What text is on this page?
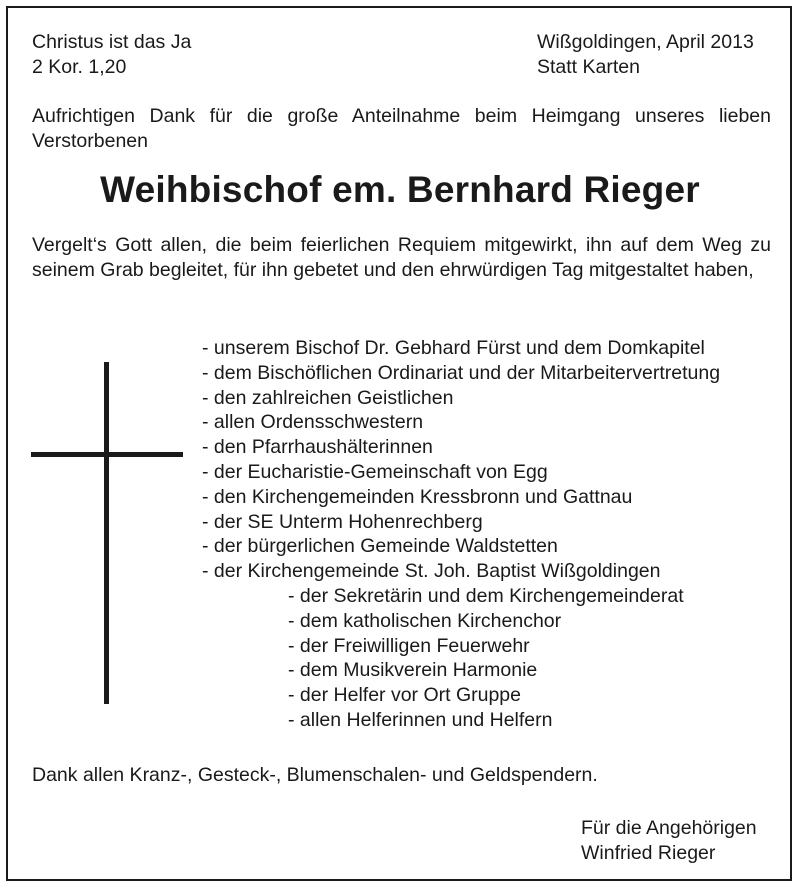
Christus ist das Ja
2 Kor. 1,20
Wißgoldingen, April 2013
Statt Karten
Aufrichtigen Dank für die große Anteilnahme beim Heimgang unseres lieben Verstorbenen
Weihbischof em. Bernhard Rieger
Vergelt‘s Gott allen, die beim feierlichen Requiem mitgewirkt, ihn auf dem Weg zu seinem Grab begleitet, für ihn gebetet und den ehrwürdigen Tag mitgestaltet haben,
- unserem Bischof Dr. Gebhard Fürst und dem Domkapitel
- dem Bischöflichen Ordinariat und der Mitarbeitervertretung
- den zahlreichen Geistlichen
- allen Ordensschwestern
- den Pfarrhaushälterinnen
- der Eucharistie-Gemeinschaft von Egg
- den Kirchengemeinden Kressbronn und Gattnau
- der SE Unterm Hohenrechberg
- der bürgerlichen Gemeinde Waldstetten
- der Kirchengemeinde St. Joh. Baptist Wißgoldingen
- der Sekretärin und dem Kirchengemeinderat
- dem katholischen Kirchenchor
- der Freiwilligen Feuerwehr
- dem Musikverein Harmonie
- der Helfer vor Ort Gruppe
- allen Helferinnen und Helfern
Dank allen Kranz-, Gesteck-, Blumenschalen- und Geldspendern.
Für die Angehörigen
Winfried Rieger
